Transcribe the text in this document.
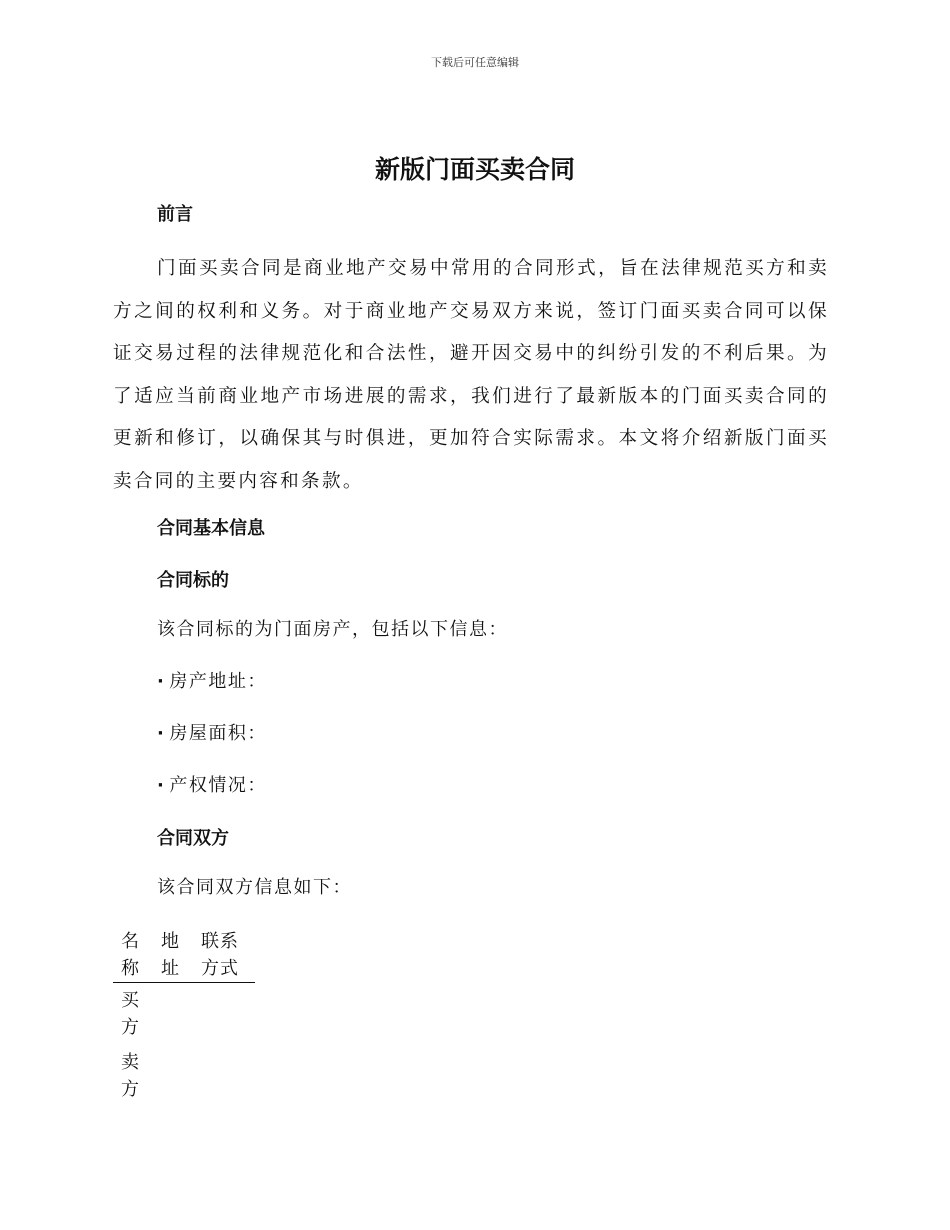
下载后可任意编辑
新版门面买卖合同
前言

门面买卖合同是商业地产交易中常用的合同形式，旨在法律规范买方和卖方之间的权利和义务。对于商业地产交易双方来说，签订门面买卖合同可以保证交易过程的法律规范化和合法性，避开因交易中的纠纷引发的不利后果。为了适应当前商业地产市场进展的需求，我们进行了最新版本的门面买卖合同的更新和修订，以确保其与时俱进，更加符合实际需求。本文将介绍新版门面买卖合同的主要内容和条款。

合同基本信息
合同标的
该合同标的为门面房产，包括以下信息：
· 房产地址：
· 房屋面积：
· 产权情况：
合同双方
该合同双方信息如下：
名称	地址	联系方式
买方		
卖方		
